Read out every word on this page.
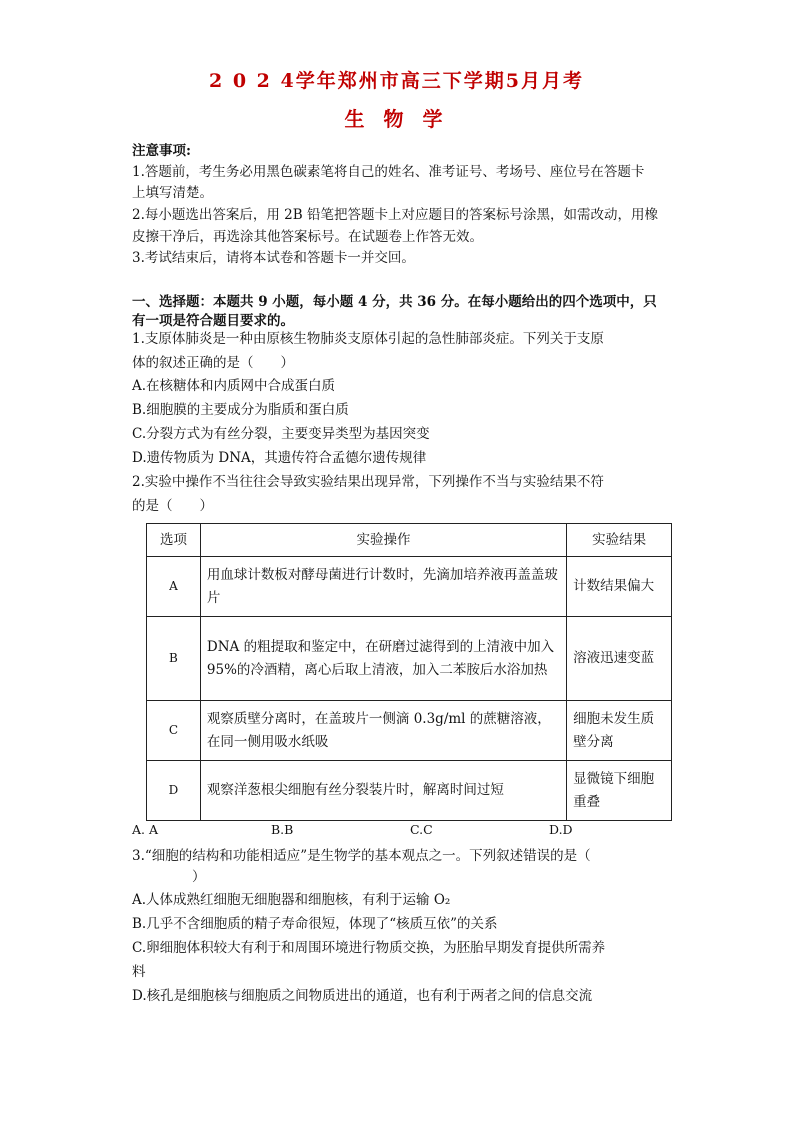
2 0 2 4学年郑州市高三下学期5月月考
生 物 学
注意事项:
1.答题前，考生务必用黑色碳素笔将自己的姓名、准考证号、考场号、座位号在答题卡
上填写清楚。
2.每小题选出答案后，用 2B 铅笔把答题卡上对应题目的答案标号涂黑，如需改动，用橡
皮擦干净后，再选涂其他答案标号。在试题卷上作答无效。
3.考试结束后，请将本试卷和答题卡一并交回。
一、选择题：本题共 9 小题，每小题 4 分，共 36 分。在每小题给出的四个选项中，只
有一项是符合题目要求的。
1.支原体肺炎是一种由原核生物肺炎支原体引起的急性肺部炎症。下列关于支原
体的叙述正确的是（　　）
A.在核糖体和内质网中合成蛋白质
B.细胞膜的主要成分为脂质和蛋白质
C.分裂方式为有丝分裂，主要变异类型为基因突变
D.遗传物质为 DNA，其遗传符合孟德尔遗传规律
2.实验中操作不当往往会导致实验结果出现异常，下列操作不当与实验结果不符
的是（　　）
选项	实验操作	实验结果
A	用血球计数板对酵母菌进行计数时，先滴加培养液再盖盖玻片	计数结果偏大
B	DNA 的粗提取和鉴定中，在研磨过滤得到的上清液中加入 95%的冷酒精，离心后取上清液，加入二苯胺后水浴加热	溶液迅速变蓝
C	观察质壁分离时，在盖玻片一侧滴 0.3g/ml 的蔗糖溶液，在同一侧用吸水纸吸	细胞未发生质壁分离
D	观察洋葱根尖细胞有丝分裂装片时，解离时间过短	显微镜下细胞重叠
A. A	B.B	C.C	D.D
3.“细胞的结构和功能相适应”是生物学的基本观点之一。下列叙述错误的是（
）
A.人体成熟红细胞无细胞器和细胞核，有利于运输 O₂
B.几乎不含细胞质的精子寿命很短，体现了“核质互依”的关系
C.卵细胞体积较大有利于和周围环境进行物质交换，为胚胎早期发育提供所需养
料
D.核孔是细胞核与细胞质之间物质进出的通道，也有利于两者之间的信息交流
